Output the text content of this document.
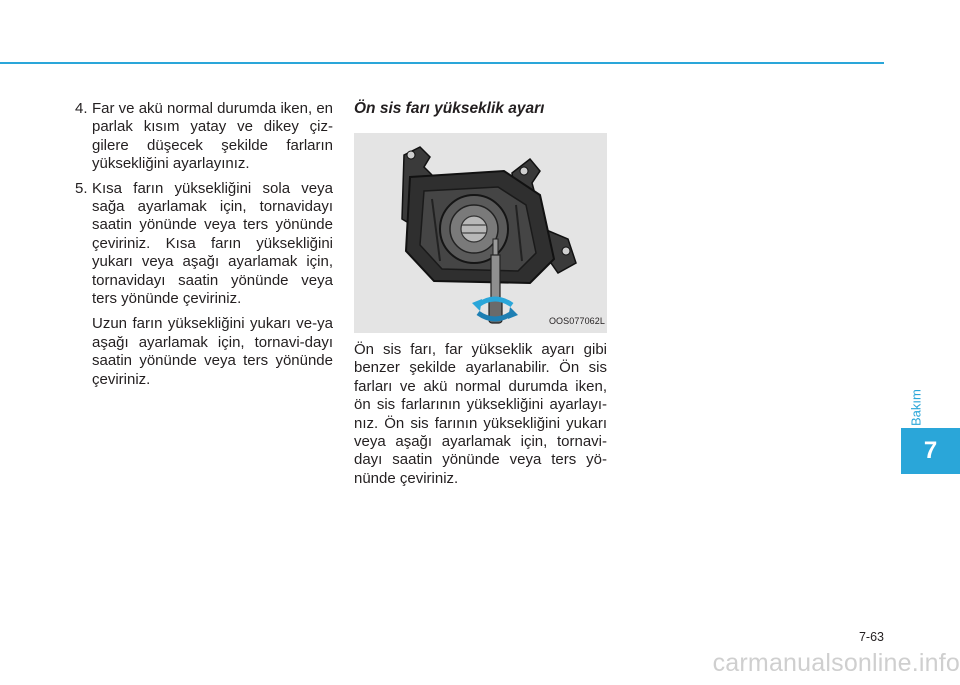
4. Far ve akü normal durumda iken, en parlak kısım yatay ve dikey çiz-gilere düşecek şekilde farların yüksekliğini ayarlayınız.

5. Kısa farın yüksekliğini sola veya sağa ayarlamak için, tornavidayı saatin yönünde veya ters yönünde çeviriniz. Kısa farın yüksekliğini yukarı veya aşağı ayarlamak için, tornavidayı saatin yönünde veya ters yönünde çeviriniz.

Uzun farın yüksekliğini yukarı ve-ya aşağı ayarlamak için, tornavi-dayı saatin yönünde veya ters yönünde çeviriniz.

Ön sis farı yükseklik ayarı
OOS077062L

Ön sis farı, far yükseklik ayarı gibi benzer şekilde ayarlanabilir. Ön sis farları ve akü normal durumda iken, ön sis farlarının yüksekliğini ayarlayı-nız. Ön sis farının yüksekliğini yukarı veya aşağı ayarlamak için, tornavi-dayı saatin yönünde veya ters yö-nünde çeviriniz.

Bakım
7
7-63
carmanualsonline.info
